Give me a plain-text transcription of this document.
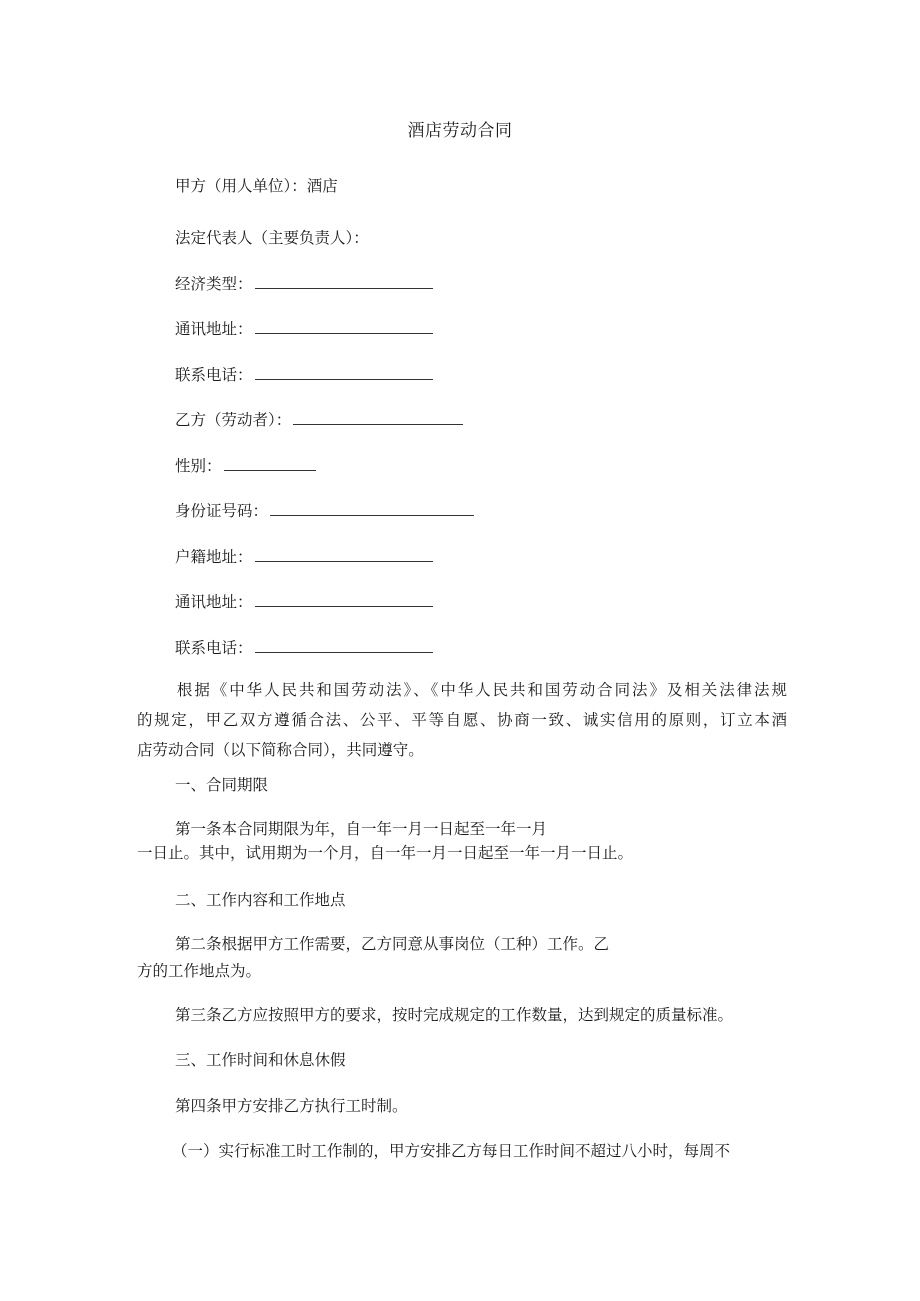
酒店劳动合同
甲方（用人单位）：酒店
法定代表人（主要负责人）：
经济类型：
通讯地址：
联系电话：
乙方（劳动者）：
性别：
身份证号码：
户籍地址：
通讯地址：
联系电话：
根据《中华人民共和国劳动法》、《中华人民共和国劳动合同法》及相关法律法规
的规定，甲乙双方遵循合法、公平、平等自愿、协商一致、诚实信用的原则，订立本酒
店劳动合同（以下简称合同），共同遵守。
一、合同期限
第一条本合同期限为年，自一年一月一日起至一年一月
一日止。其中，试用期为一个月，自一年一月一日起至一年一月一日止。
二、工作内容和工作地点
第二条根据甲方工作需要，乙方同意从事岗位（工种）工作。乙
方的工作地点为。
第三条乙方应按照甲方的要求，按时完成规定的工作数量，达到规定的质量标准。
三、工作时间和休息休假
第四条甲方安排乙方执行工时制。
（一）实行标准工时工作制的，甲方安排乙方每日工作时间不超过八小时，每周不
